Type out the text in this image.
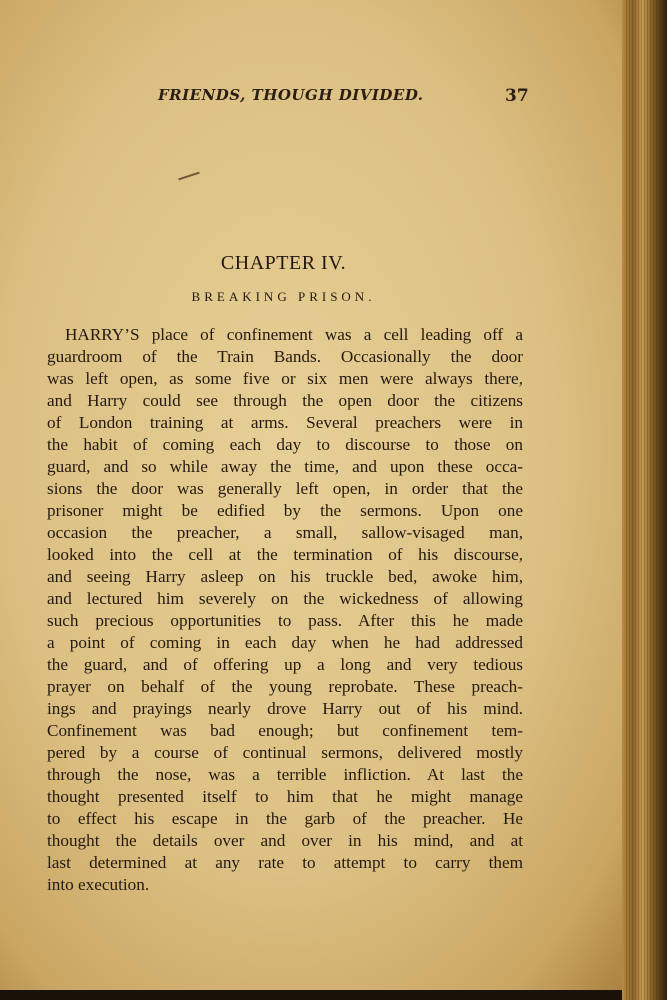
FRIENDS, THOUGH DIVIDED.	37
CHAPTER IV.
BREAKING PRISON.
HARRY’S place of confinement was a cell leading off a
guardroom of the Train Bands. Occasionally the door
was left open, as some five or six men were always there,
and Harry could see through the open door the citizens
of London training at arms. Several preachers were in
the habit of coming each day to discourse to those on
guard, and so while away the time, and upon these occa-
sions the door was generally left open, in order that the
prisoner might be edified by the sermons. Upon one
occasion the preacher, a small, sallow-visaged man,
looked into the cell at the termination of his discourse,
and seeing Harry asleep on his truckle bed, awoke him,
and lectured him severely on the wickedness of allowing
such precious opportunities to pass. After this he made
a point of coming in each day when he had addressed
the guard, and of offering up a long and very tedious
prayer on behalf of the young reprobate. These preach-
ings and prayings nearly drove Harry out of his mind.
Confinement was bad enough; but confinement tem-
pered by a course of continual sermons, delivered mostly
through the nose, was a terrible infliction. At last the
thought presented itself to him that he might manage
to effect his escape in the garb of the preacher. He
thought the details over and over in his mind, and at
last determined at any rate to attempt to carry them
into execution.
